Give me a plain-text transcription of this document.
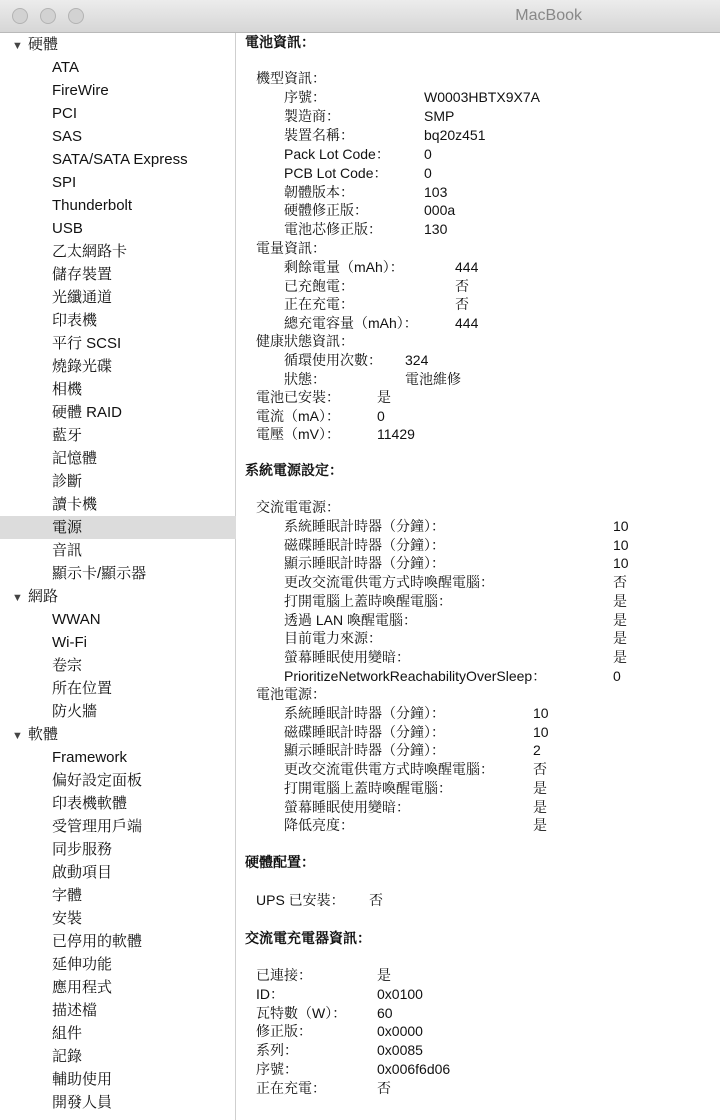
MacBook
▼ 硬體
ATA
FireWire
PCI
SAS
SATA/SATA Express
SPI
Thunderbolt
USB
乙太網路卡
儲存裝置
光纖通道
印表機
平行 SCSI
燒錄光碟
相機
硬體 RAID
藍牙
記憶體
診斷
讀卡機
電源
音訊
顯示卡/顯示器
▼ 網路
WWAN
Wi-Fi
卷宗
所在位置
防火牆
▼ 軟體
Framework
偏好設定面板
印表機軟體
受管理用戶端
同步服務
啟動項目
字體
安裝
已停用的軟體
延伸功能
應用程式
描述檔
組件
記錄
輔助使用
開發人員
電池資訊：
機型資訊：
序號：	W0003HBTX9X7A
製造商：	SMP
裝置名稱：	bq20z451
Pack Lot Code： 0
PCB Lot Code：	0
韌體版本：	103
硬體修正版：	000a
電池芯修正版：	130
電量資訊：
剩餘電量（mAh）：	444
已充飽電：	否
正在充電：	否
總充電容量（mAh）：	444
健康狀態資訊：
循環使用次數： 324
狀態：	電池維修
電池已安裝：	是
電流（mA）：	0
電壓（mV）：	11429
系統電源設定：
交流電電源：
系統睡眠計時器（分鐘）：	10
磁碟睡眠計時器（分鐘）：	10
顯示睡眠計時器（分鐘）：	10
更改交流電供電方式時喚醒電腦：	否
打開電腦上蓋時喚醒電腦：	是
透過 LAN 喚醒電腦：	是
目前電力來源：	是
螢幕睡眠使用變暗：	是
PrioritizeNetworkReachabilityOverSleep：	0
電池電源：
系統睡眠計時器（分鐘）：	10
磁碟睡眠計時器（分鐘）：	10
顯示睡眠計時器（分鐘）：	2
更改交流電供電方式時喚醒電腦：	否
打開電腦上蓋時喚醒電腦：	是
螢幕睡眠使用變暗：	是
降低亮度：	是
硬體配置：
UPS 已安裝： 否
交流電充電器資訊：
已連接：	是
ID：	0x0100
瓦特數（W）： 60
修正版：	0x0000
系列：	0x0085
序號：	0x006f6d06
正在充電：	否
